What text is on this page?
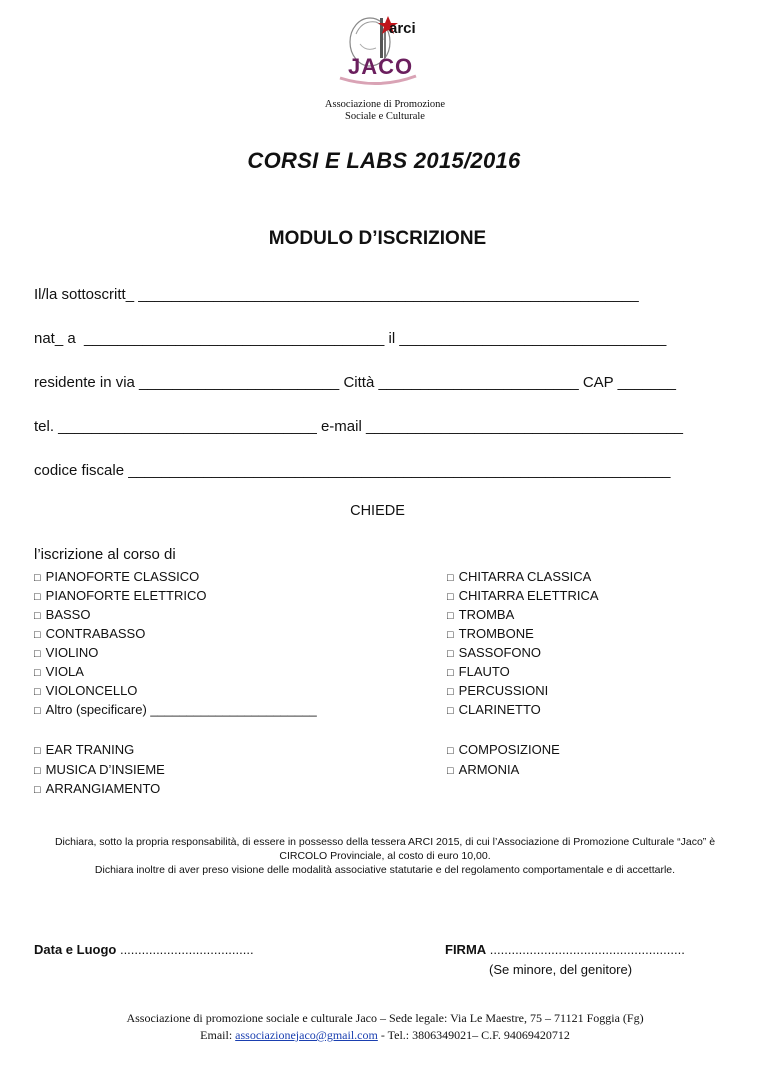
arci
JACO
Associazione di Promozione
Sociale e Culturale
CORSI E LABS 2015/2016
MODULO D’ISCRIZIONE
Il/la sottoscritt_ ____________________________________________________________
nat_ a  ____________________________________ il ________________________________
residente in via ________________________ Città ________________________ CAP _______
tel. _______________________________ e-mail ______________________________________
codice fiscale _________________________________________________________________
CHIEDE
l’iscrizione al corso di
□ PIANOFORTE CLASSICO
□ PIANOFORTE ELETTRICO
□ BASSO
□ CONTRABASSO
□ VIOLINO
□ VIOLA
□ VIOLONCELLO
□ Altro (specificare) _______________________
□ CHITARRA CLASSICA
□ CHITARRA ELETTRICA
□ TROMBA
□ TROMBONE
□ SASSOFONO
□ FLAUTO
□ PERCUSSIONI
□ CLARINETTO
□ EAR TRANING
□ MUSICA D’INSIEME
□ ARRANGIAMENTO
□ COMPOSIZIONE
□ ARMONIA
Dichiara, sotto la propria responsabilità, di essere in possesso della tessera ARCI 2015, di cui l’Associazione di Promozione Culturale “Jaco” è
CIRCOLO Provinciale, al costo di euro 10,00.
Dichiara inoltre di aver preso visione delle modalità associative statutarie e del regolamento comportamentale e di accettarle.
Data e Luogo .....................................	FIRMA ......................................................
(Se minore, del genitore)
Associazione di promozione sociale e culturale Jaco – Sede legale: Via Le Maestre, 75 – 71121 Foggia (Fg)
Email: associazionejaco@gmail.com - Tel.: 3806349021– C.F. 94069420712
